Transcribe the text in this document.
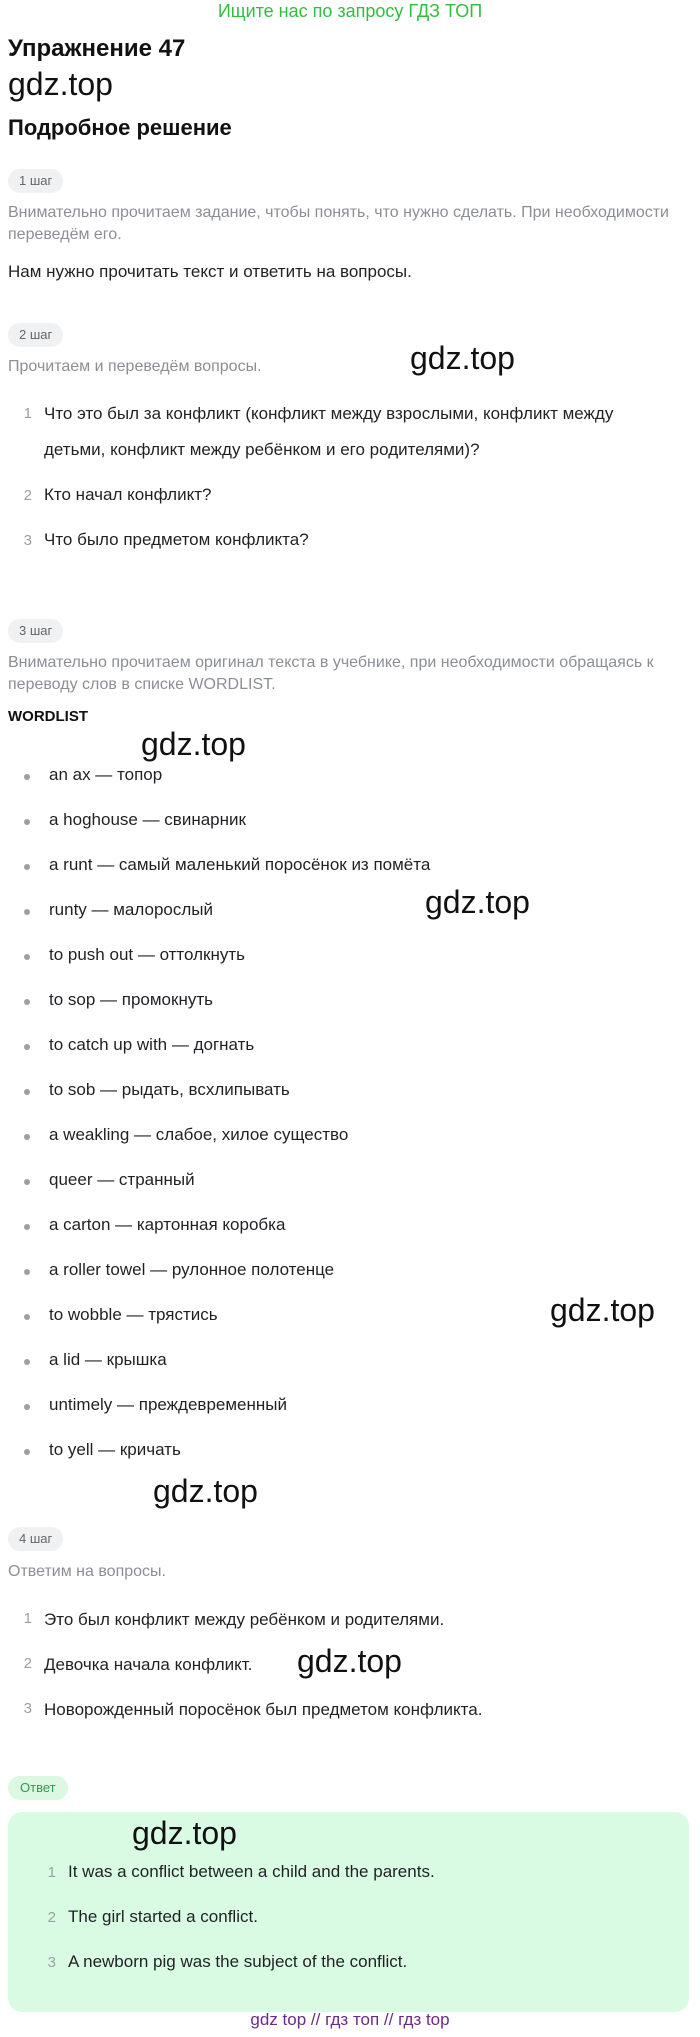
Ищите нас по запросу ГДЗ ТОП
Упражнение 47
gdz.top
Подробное решение
1 шаг
Внимательно прочитаем задание, чтобы понять, что нужно сделать. При необходимости переведём его.
Нам нужно прочитать текст и ответить на вопросы.
2 шаг
Прочитаем и переведём вопросы.	gdz.top
1 Что это был за конфликт (конфликт между взрослыми, конфликт между
детьми, конфликт между ребёнком и его родителями)?
2 Кто начал конфликт?
3 Что было предметом конфликта?
3 шаг
Внимательно прочитаем оригинал текста в учебнике, при необходимости обращаясь к переводу слов в списке WORDLIST.
WORDLIST
gdz.top
an ax — топор
a hoghouse — свинарник
a runt — самый маленький поросёнок из помёта
runty — малорослый
to push out — оттолкнуть
to sop — промокнуть
to catch up with — догнать
to sob — рыдать, всхлипывать
a weakling — слабое, хилое существо
queer — странный
a carton — картонная коробка
a roller towel — рулонное полотенце
to wobble — трястись
a lid — крышка
untimely — преждевременный
to yell — кричать
gdz.top
gdz.top
gdz.top
4 шаг
Ответим на вопросы.
1 Это был конфликт между ребёнком и родителями.
2 Девочка начала конфликт. gdz.top
3 Новорожденный поросёнок был предметом конфликта.
Ответ
gdz.top
1 It was a conflict between a child and the parents.
2 The girl started a conflict.
3 A newborn pig was the subject of the conflict.
gdz top // гдз топ // гдз top
